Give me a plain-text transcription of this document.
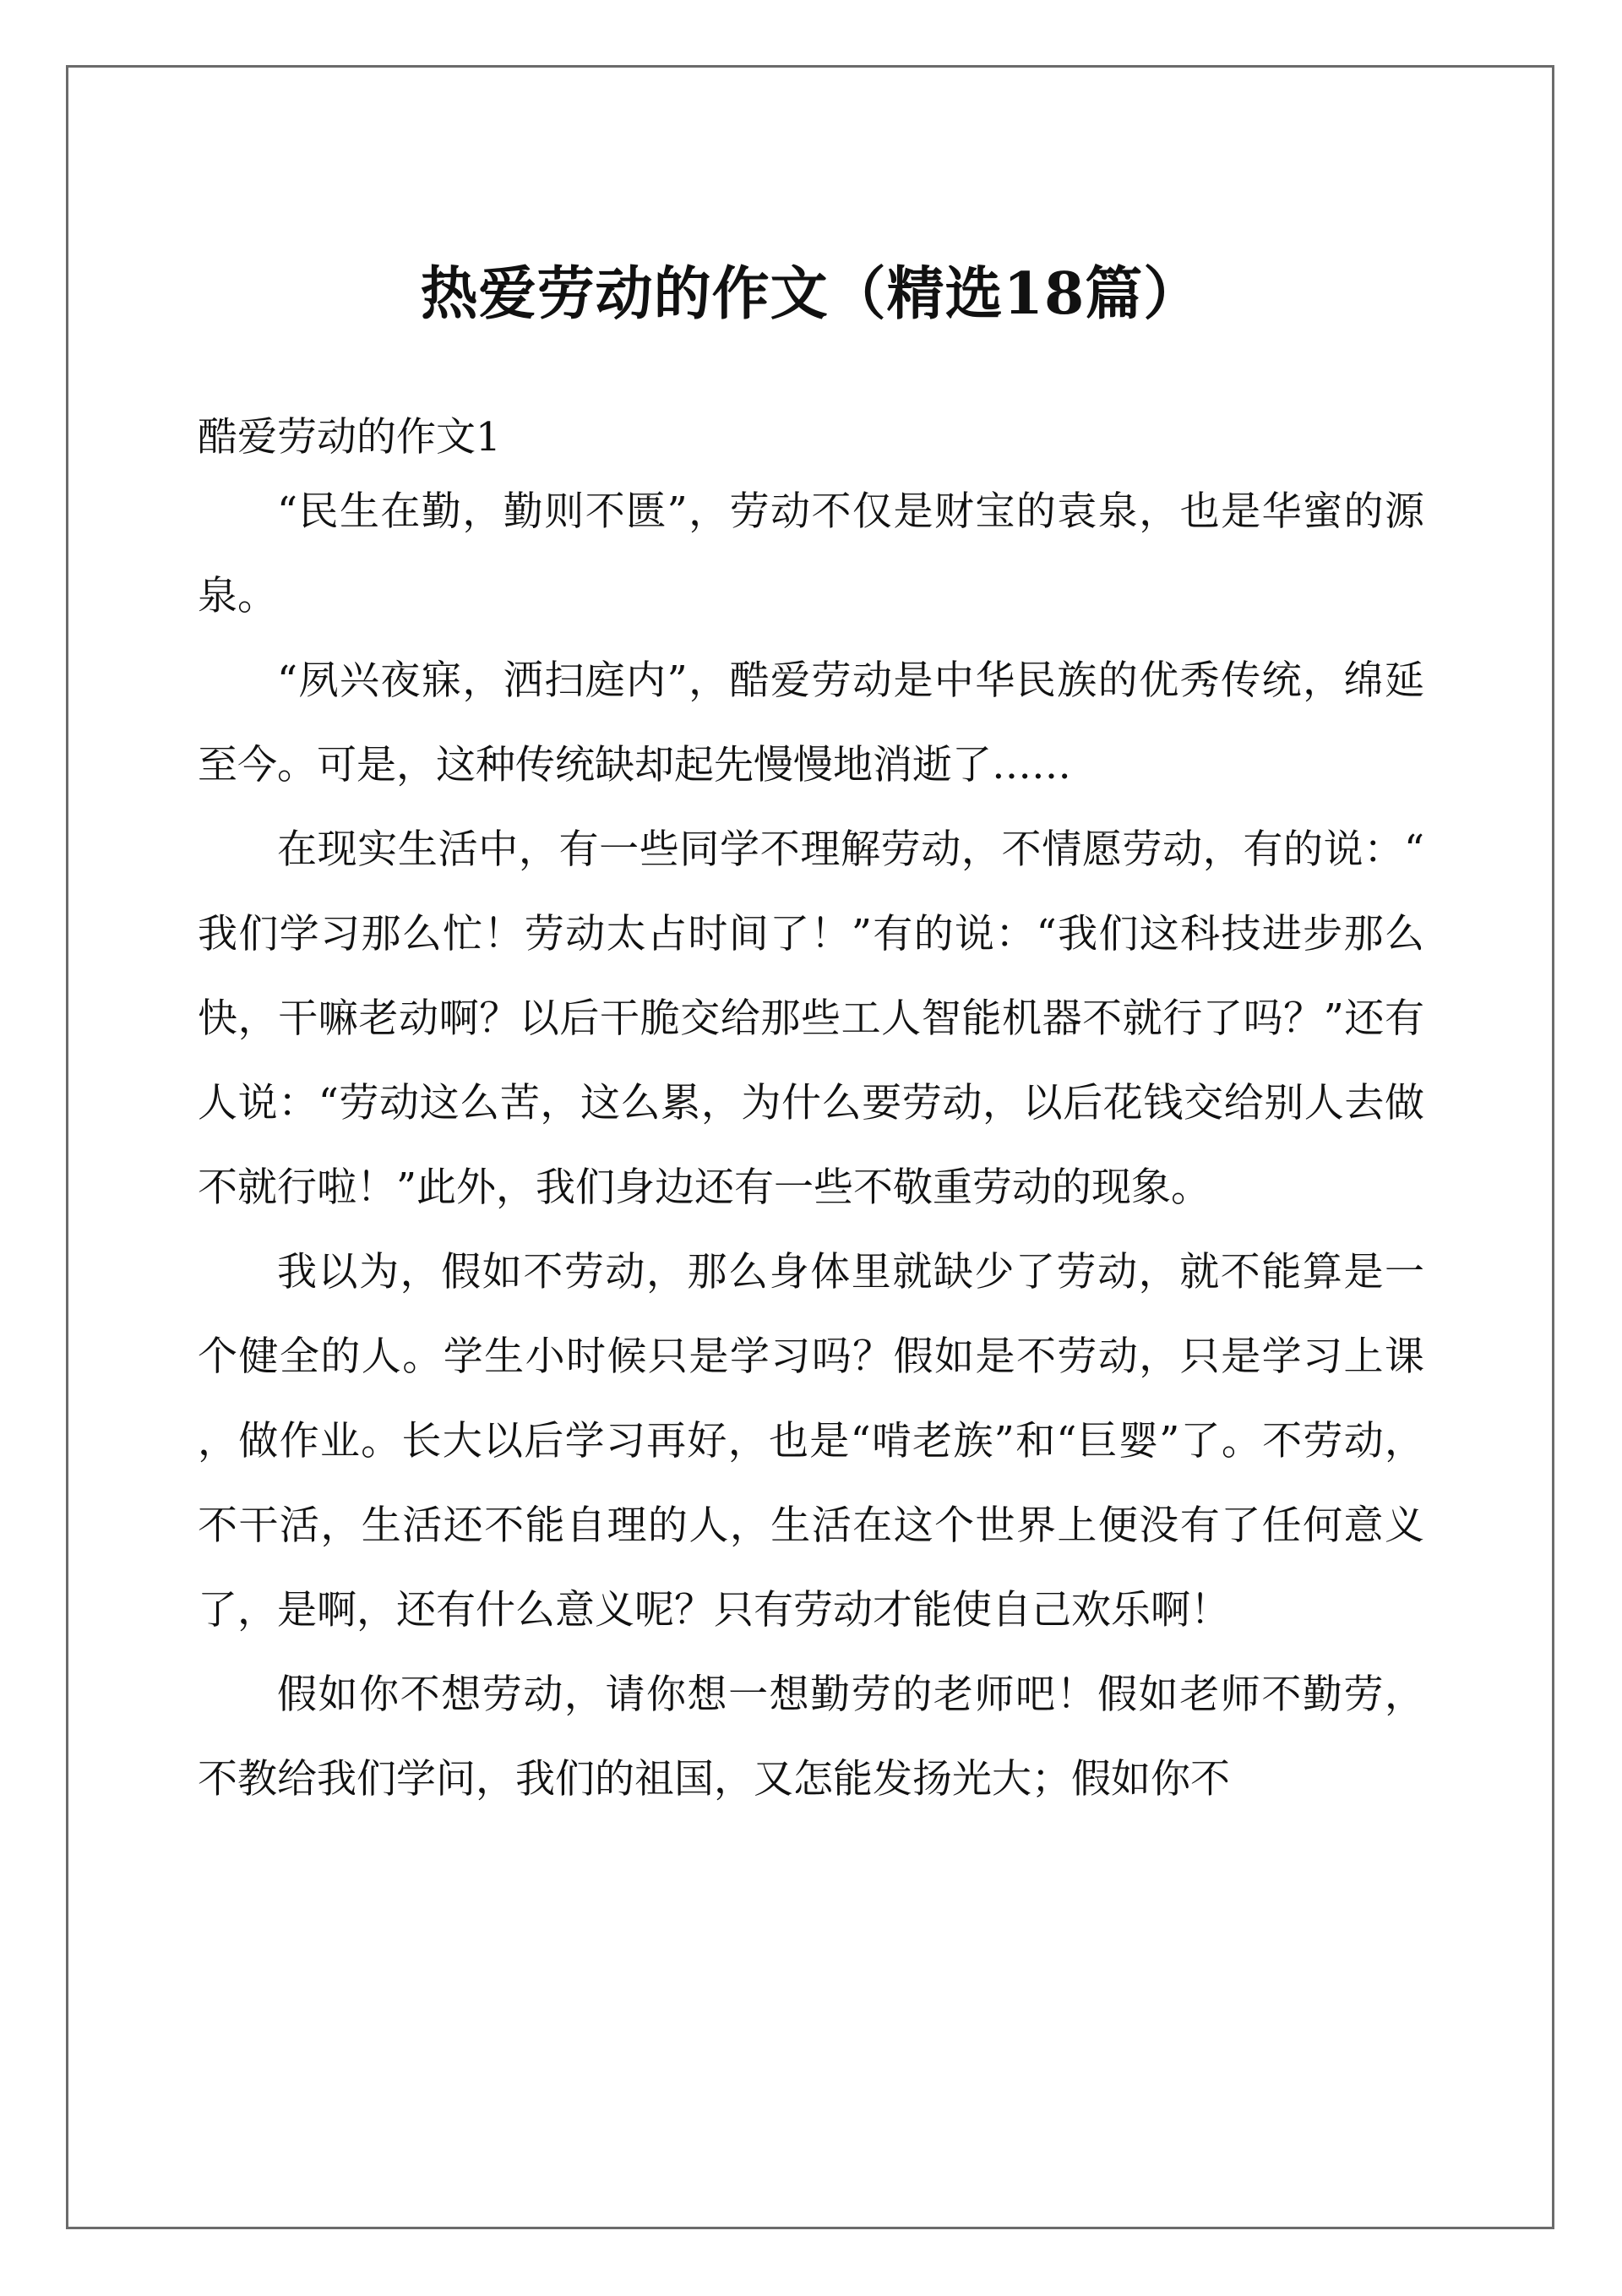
热爱劳动的作文（精选18篇）
酷爱劳动的作文1

“民生在勤，勤则不匮”，劳动不仅是财宝的袁泉，也是华蜜的源泉。

“夙兴夜寐，洒扫庭内”，酷爱劳动是中华民族的优秀传统，绵延至今。可是，这种传统缺却起先慢慢地消逝了……

在现实生活中，有一些同学不理解劳动，不情愿劳动，有的说：“我们学习那么忙！劳动太占时间了！”有的说：“我们这科技进步那么快，干嘛老动啊？以后干脆交给那些工人智能机器不就行了吗？”还有人说：“劳动这么苦，这么累，为什么要劳动，以后花钱交给别人去做不就行啦！”此外，我们身边还有一些不敬重劳动的现象。

我以为，假如不劳动，那么身体里就缺少了劳动，就不能算是一个健全的人。学生小时候只是学习吗？假如是不劳动，只是学习上课，做作业。长大以后学习再好，也是“啃老族”和“巨婴”了。不劳动，不干活，生活还不能自理的人，生活在这个世界上便没有了任何意义了，是啊，还有什么意义呢？只有劳动才能使自己欢乐啊！

假如你不想劳动，请你想一想勤劳的老师吧！假如老师不勤劳，不教给我们学问，我们的祖国，又怎能发扬光大；假如你不
